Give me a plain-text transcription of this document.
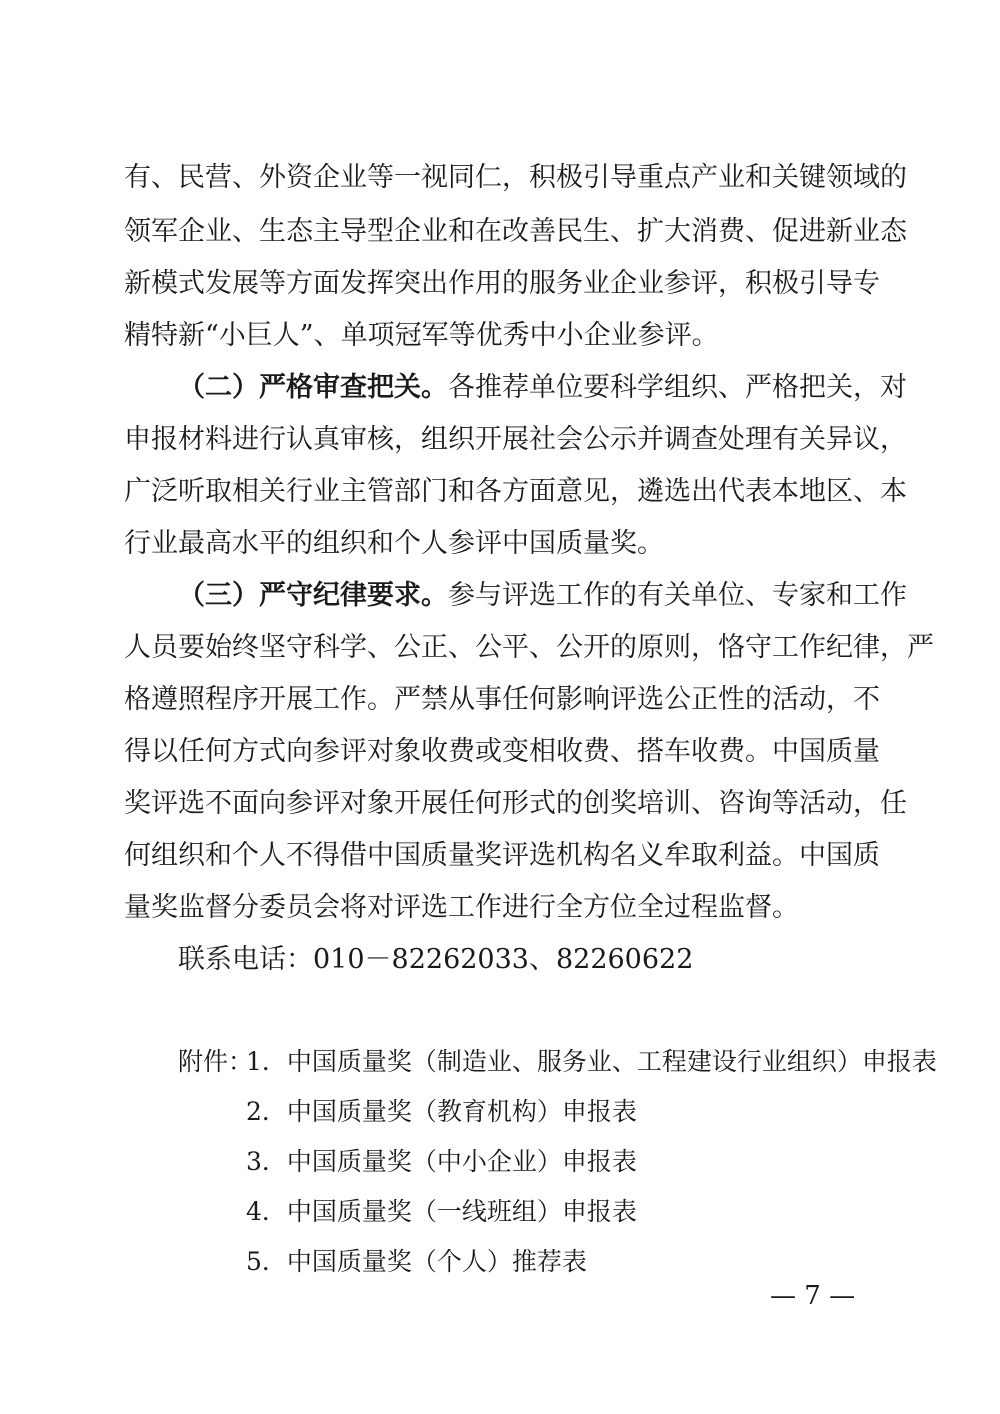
有、民营、外资企业等一视同仁，积极引导重点产业和关键领域的
领军企业、生态主导型企业和在改善民生、扩大消费、促进新业态
新模式发展等方面发挥突出作用的服务业企业参评，积极引导专
精特新“小巨人”、单项冠军等优秀中小企业参评。
（二）严格审查把关。各推荐单位要科学组织、严格把关，对
申报材料进行认真审核，组织开展社会公示并调查处理有关异议，
广泛听取相关行业主管部门和各方面意见，遴选出代表本地区、本
行业最高水平的组织和个人参评中国质量奖。
（三）严守纪律要求。参与评选工作的有关单位、专家和工作
人员要始终坚守科学、公正、公平、公开的原则，恪守工作纪律，严
格遵照程序开展工作。严禁从事任何影响评选公正性的活动，不
得以任何方式向参评对象收费或变相收费、搭车收费。中国质量
奖评选不面向参评对象开展任何形式的创奖培训、咨询等活动，任
何组织和个人不得借中国质量奖评选机构名义牟取利益。中国质
量奖监督分委员会将对评选工作进行全方位全过程监督。
联系电话：010－82262033、82260622
附件：
1．中国质量奖（制造业、服务业、工程建设行业组织）申报表
2．中国质量奖（教育机构）申报表
3．中国质量奖（中小企业）申报表
4．中国质量奖（一线班组）申报表
5．中国质量奖（个人）推荐表
— 7 —
